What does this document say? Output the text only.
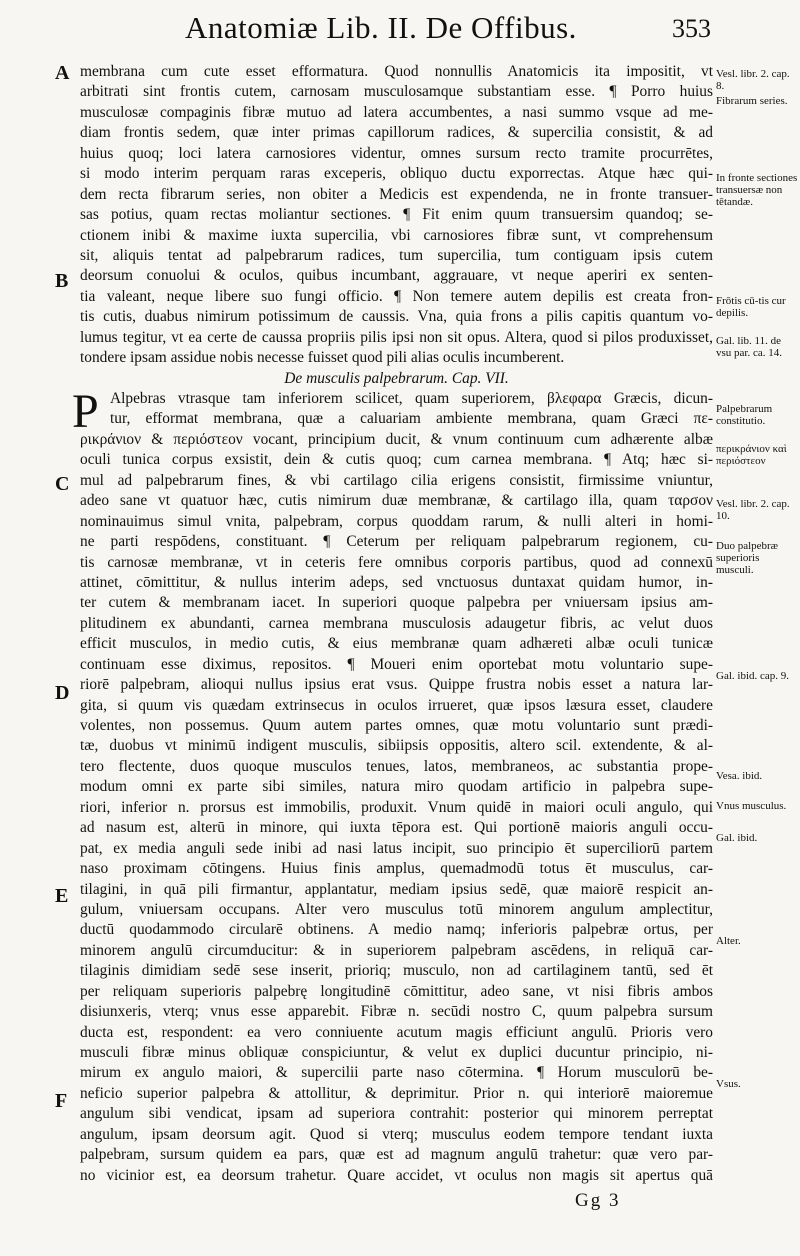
Anatomiæ Lib. II. De Offibus.	353
A
B
C
D
E
F
membrana cum cute esset efformatura. Quod nonnullis Anatomicis ita impositit, vt
arbitrati sint frontis cutem, carnosam musculosamque substantiam esse. ¶ Porro huius
musculosæ compaginis fibræ mutuo ad latera accumbentes, a nasi summo vsque ad me-
diam frontis sedem, quæ inter primas capillorum radices, & supercilia consistit, & ad
huius quoq; loci latera carnosiores videntur, omnes sursum recto tramite procurrētes,
si modo interim perquam raras exceperis, obliquo ductu exporrectas. Atque hæc qui-
dem recta fibrarum series, non obiter a Medicis est expendenda, ne in fronte transuer-
sas potius, quam rectas moliantur sectiones. ¶ Fit enim quum transuersim quandoq; se-
ctionem inibi & maxime iuxta supercilia, vbi carnosiores fibræ sunt, vt comprehensum
sit, aliquis tentat ad palpebrarum radices, tum supercilia, tum contiguam ipsis cutem
deorsum conuolui & oculos, quibus incumbant, aggrauare, vt neque aperiri ex senten-
tia valeant, neque libere suo fungi officio. ¶ Non temere autem depilis est creata fron-
tis cutis, duabus nimirum potissimum de caussis. Vna, quia frons a pilis capitis quantum vo-
lumus tegitur, vt ea certe de caussa propriis pilis ipsi non sit opus. Altera, quod si pilos produxisset,
tondere ipsam assidue nobis necesse fuisset quod pili alias oculis incumberent.
De musculis palpebrarum. Cap. VII.
P Alpebras vtrasque tam inferiorem scilicet, quam superiorem, βλεφαρα Græcis, dicun-
tur, efformat membrana, quæ a caluariam ambiente membrana, quam Græci πε-
ρικράνιον & περιόστεον vocant, principium ducit, & vnum continuum cum adhærente albæ
oculi tunica corpus exsistit, dein & cutis quoq; cum carnea membrana. ¶ Atq; hæc si-
mul ad palpebrarum fines, & vbi cartilago cilia erigens consistit, firmissime vniuntur,
adeo sane vt quatuor hæc, cutis nimirum duæ membranæ, & cartilago illa, quam ταρσον
nominauimus simul vnita, palpebram, corpus quoddam rarum, & nulli alteri in homi-
ne parti respōdens, constituant. ¶ Ceterum per reliquam palpebrarum regionem, cu-
tis carnosæ membranæ, vt in ceteris fere omnibus corporis partibus, quod ad connexū
attinet, cōmittitur, & nullus interim adeps, sed vnctuosus duntaxat quidam humor, in-
ter cutem & membranam iacet. In superiori quoque palpebra per vniuersam ipsius am-
plitudinem ex abundanti, carnea membrana musculosis adaugetur fibris, ac velut duos
efficit musculos, in medio cutis, & eius membranæ quam adhæreti albæ oculi tunicæ
continuam esse diximus, repositos. ¶ Moueri enim oportebat motu voluntario supe-
riorē palpebram, alioqui nullus ipsius erat vsus. Quippe frustra nobis esset a natura lar-
gita, si quum vis quædam extrinsecus in oculos irrueret, quæ ipsos læsura esset, claudere
volentes, non possemus. Quum autem partes omnes, quæ motu voluntario sunt prædi-
tæ, duobus vt minimū indigent musculis, sibiipsis oppositis, altero scil. extendente, & al-
tero flectente, duos quoque musculos tenues, latos, membraneos, ac substantia prope-
modum omni ex parte sibi similes, natura miro quodam artificio in palpebra supe-
riori, inferior n. prorsus est immobilis, produxit. Vnum quidē in maiori oculi angulo, qui
ad nasum est, alterū in minore, qui iuxta tēpora est. Qui portionē maioris anguli occu-
pat, ex media anguli sede inibi ad nasi latus incipit, suo principio ēt superciliorū partem
naso proximam cōtingens. Huius finis amplus, quemadmodū totus ēt musculus, car-
tilagini, in quā pili firmantur, applantatur, mediam ipsius sedē, quæ maiorē respicit an-
gulum, vniuersam occupans. Alter vero musculus totū minorem angulum amplectitur,
ductū quodammodo circularē obtinens. A medio namq; inferioris palpebræ ortus, per
minorem angulū circumducitur: & in superiorem palpebram ascēdens, in reliquā car-
tilaginis dimidiam sedē sese inserit, prioriq; musculo, non ad cartilaginem tantū, sed ēt
per reliquam superioris palpebrę longitudinē cōmittitur, adeo sane, vt nisi fibris ambos
disiunxeris, vterq; vnus esse apparebit. Fibræ n. secūdi nostro C, quum palpebra sursum
ducta est, respondent: ea vero conniuente acutum magis efficiunt angulū. Prioris vero
musculi fibræ minus obliquæ conspiciuntur, & velut ex duplici ducuntur principio, ni-
mirum ex angulo maiori, & supercilii parte naso cōtermina. ¶ Horum musculorū be-
neficio superior palpebra & attollitur, & deprimitur. Prior n. qui interiorē maioremue
angulum sibi vendicat, ipsam ad superiora contrahit: posterior qui minorem perreptat
angulum, ipsam deorsum agit. Quod si vterq; musculus eodem tempore tendant iuxta
palpebram, sursum quidem ea pars, quæ est ad magnum angulū trahetur: quæ vero par-
no vicinior est, ea deorsum trahetur. Quare accidet, vt oculus non magis sit apertus quā
Vesl. libr. 2. cap. 8.
Fibrarum series.
In fronte sectiones transuersæ non tētandæ.
Frōtis cū-tis cur depilis.
Gal. lib. 11. de vsu par. ca. 14.
Palpebrarum constitutio.
περικράνιον καὶ περιόστεον
Vesl. libr. 2. cap. 10.
Duo palpebræ superioris musculi.
Gal. ibid. cap. 9.
Vesa. ibid.
Vnus musculus.
Gal. ibid.
Alter.
Vsus.
Gg 3
